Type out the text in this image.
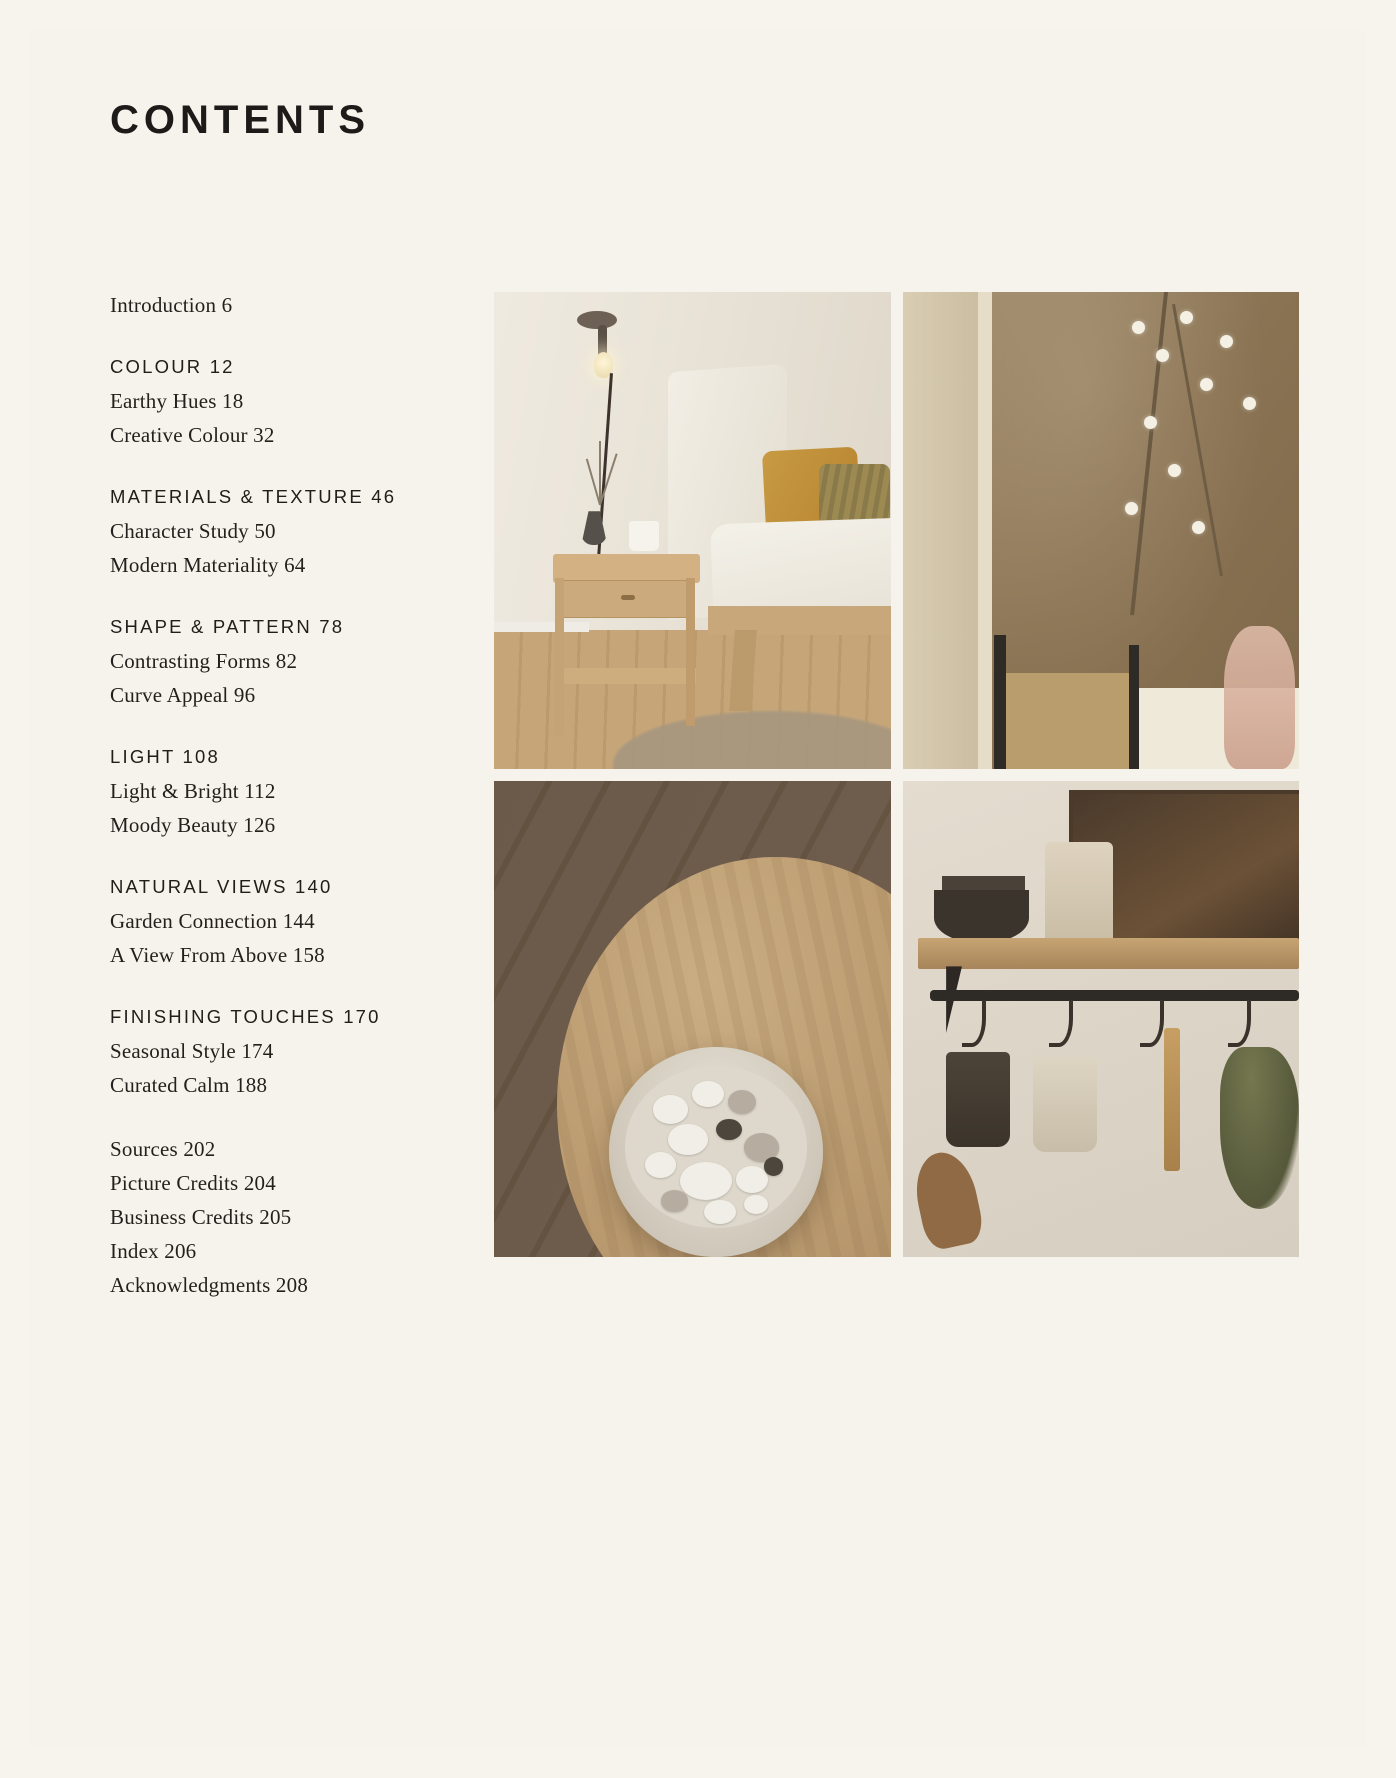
CONTENTS
Introduction 6
COLOUR 12
Earthy Hues 18
Creative Colour 32
MATERIALS & TEXTURE 46
Character Study 50
Modern Materiality 64
SHAPE & PATTERN 78
Contrasting Forms 82
Curve Appeal 96
LIGHT 108
Light & Bright 112
Moody Beauty 126
NATURAL VIEWS 140
Garden Connection 144
A View From Above 158
FINISHING TOUCHES 170
Seasonal Style 174
Curated Calm 188
Sources 202
Picture Credits 204
Business Credits 205
Index 206
Acknowledgments 208
